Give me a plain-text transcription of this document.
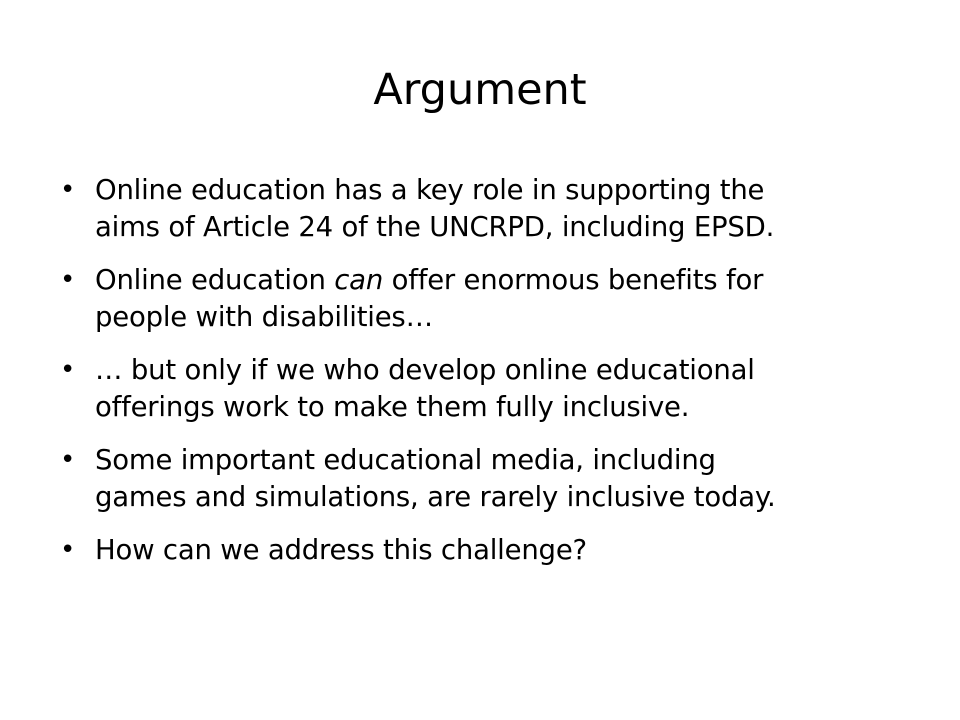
Argument
• Online education has a key role in supporting the
aims of Article 24 of the UNCRPD, including EPSD.
• Online education can offer enormous benefits for
people with disabilities…
• … but only if we who develop online educational
offerings work to make them fully inclusive.
• Some important educational media, including
games and simulations, are rarely inclusive today.
• How can we address this challenge?
